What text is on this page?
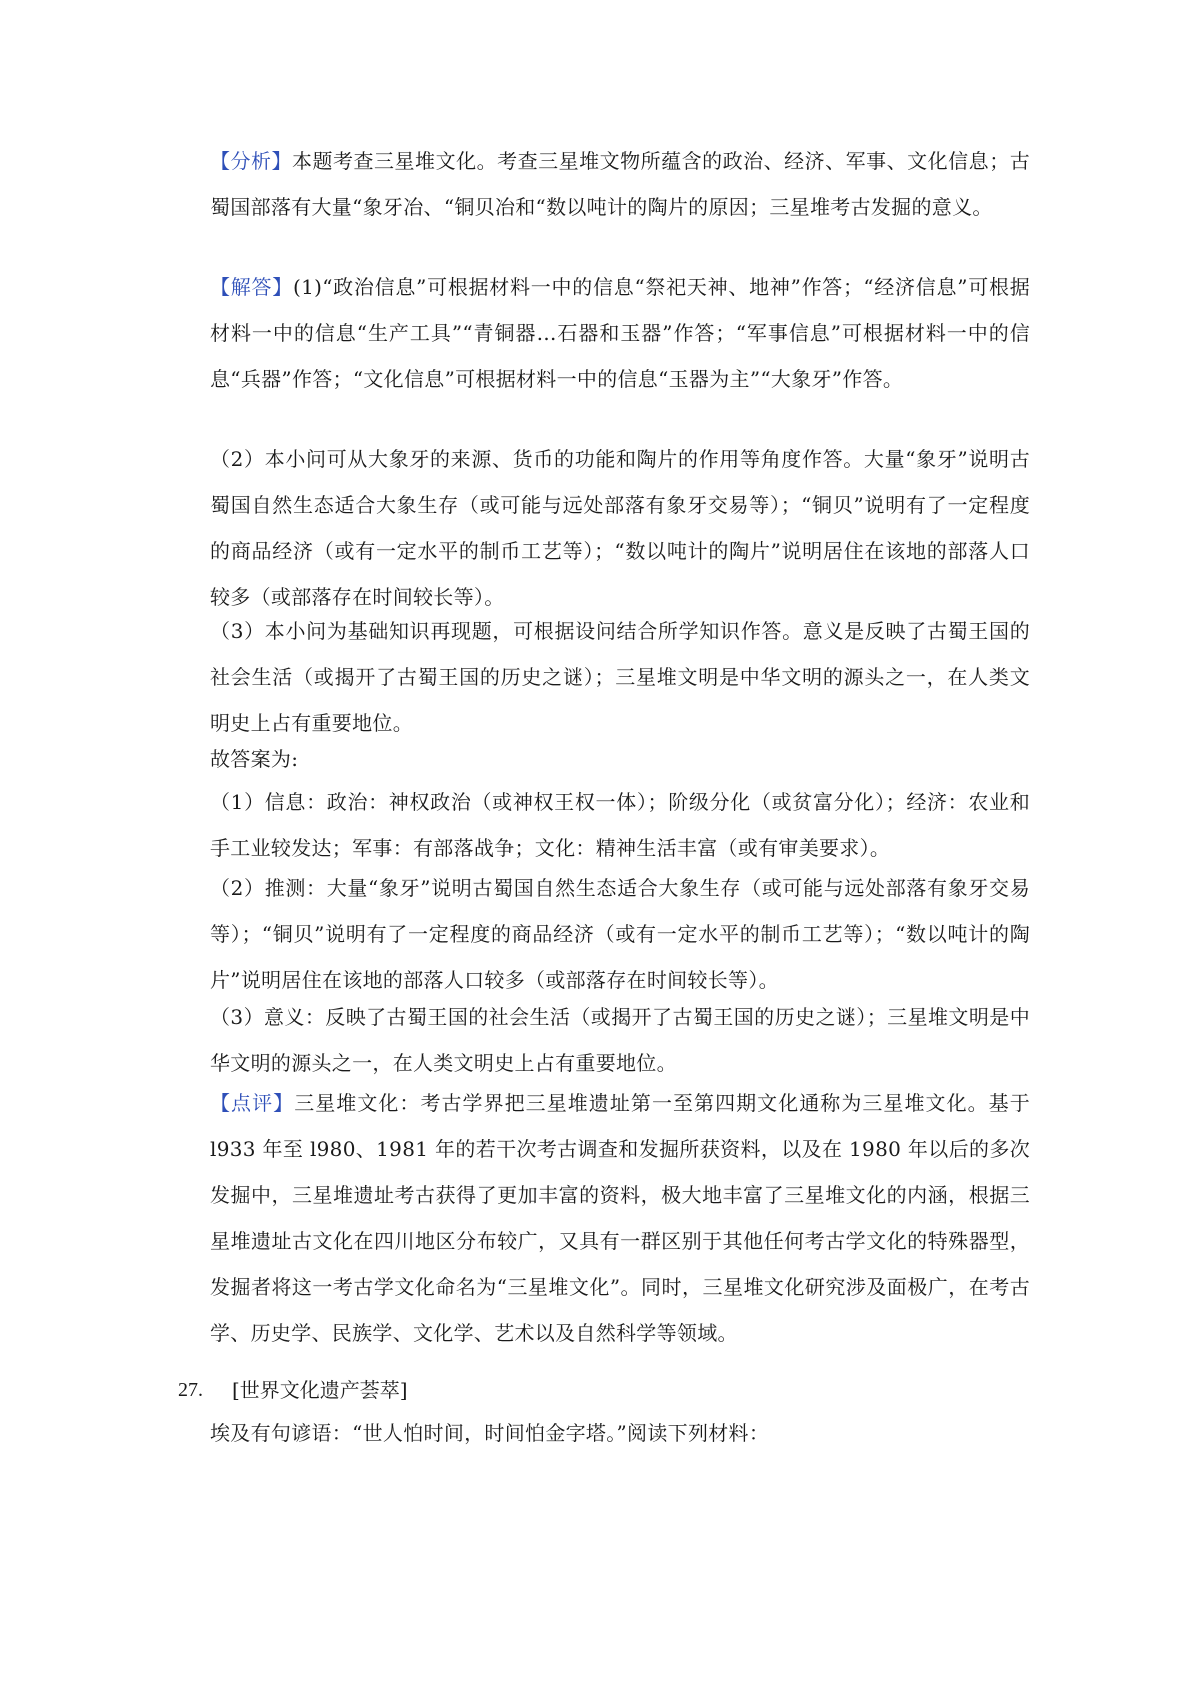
【分析】本题考查三星堆文化。考查三星堆文物所蕴含的政治、经济、军事、文化信息；古蜀国部落有大量“象牙冶、“铜贝冶和“数以吨计的陶片的原因；三星堆考古发掘的意义。
【解答】(1)“政治信息”可根据材料一中的信息“祭祀天神、地神”作答；“经济信息”可根据材料一中的信息“生产工具”“青铜器…石器和玉器”作答；“军事信息”可根据材料一中的信息“兵器”作答；“文化信息”可根据材料一中的信息“玉器为主”“大象牙”作答。
（2）本小问可从大象牙的来源、货币的功能和陶片的作用等角度作答。大量“象牙”说明古蜀国自然生态适合大象生存（或可能与远处部落有象牙交易等）；“铜贝”说明有了一定程度的商品经济（或有一定水平的制币工艺等）；“数以吨计的陶片”说明居住在该地的部落人口较多（或部落存在时间较长等）。
（3）本小问为基础知识再现题，可根据设问结合所学知识作答。意义是反映了古蜀王国的社会生活（或揭开了古蜀王国的历史之谜）；三星堆文明是中华文明的源头之一，在人类文明史上占有重要地位。
故答案为:
（1）信息：政治：神权政治（或神权王权一体）；阶级分化（或贫富分化）；经济：农业和手工业较发达；军事：有部落战争；文化：精神生活丰富（或有审美要求）。
（2）推测：大量“象牙”说明古蜀国自然生态适合大象生存（或可能与远处部落有象牙交易等）；“铜贝”说明有了一定程度的商品经济（或有一定水平的制币工艺等）；“数以吨计的陶片”说明居住在该地的部落人口较多（或部落存在时间较长等）。
（3）意义：反映了古蜀王国的社会生活（或揭开了古蜀王国的历史之谜）；三星堆文明是中华文明的源头之一，在人类文明史上占有重要地位。
【点评】三星堆文化：考古学界把三星堆遗址第一至第四期文化通称为三星堆文化。基于 l933 年至 l980、1981 年的若干次考古调查和发掘所获资料，以及在 1980 年以后的多次发掘中，三星堆遗址考古获得了更加丰富的资料，极大地丰富了三星堆文化的内涵，根据三星堆遗址古文化在四川地区分布较广，又具有一群区别于其他任何考古学文化的特殊器型，发掘者将这一考古学文化命名为“三星堆文化”。同时，三星堆文化研究涉及面极广，在考古学、历史学、民族学、文化学、艺术以及自然科学等领域。
27. [世界文化遗产荟萃]
埃及有句谚语：“世人怕时间，时间怕金字塔。”阅读下列材料：
